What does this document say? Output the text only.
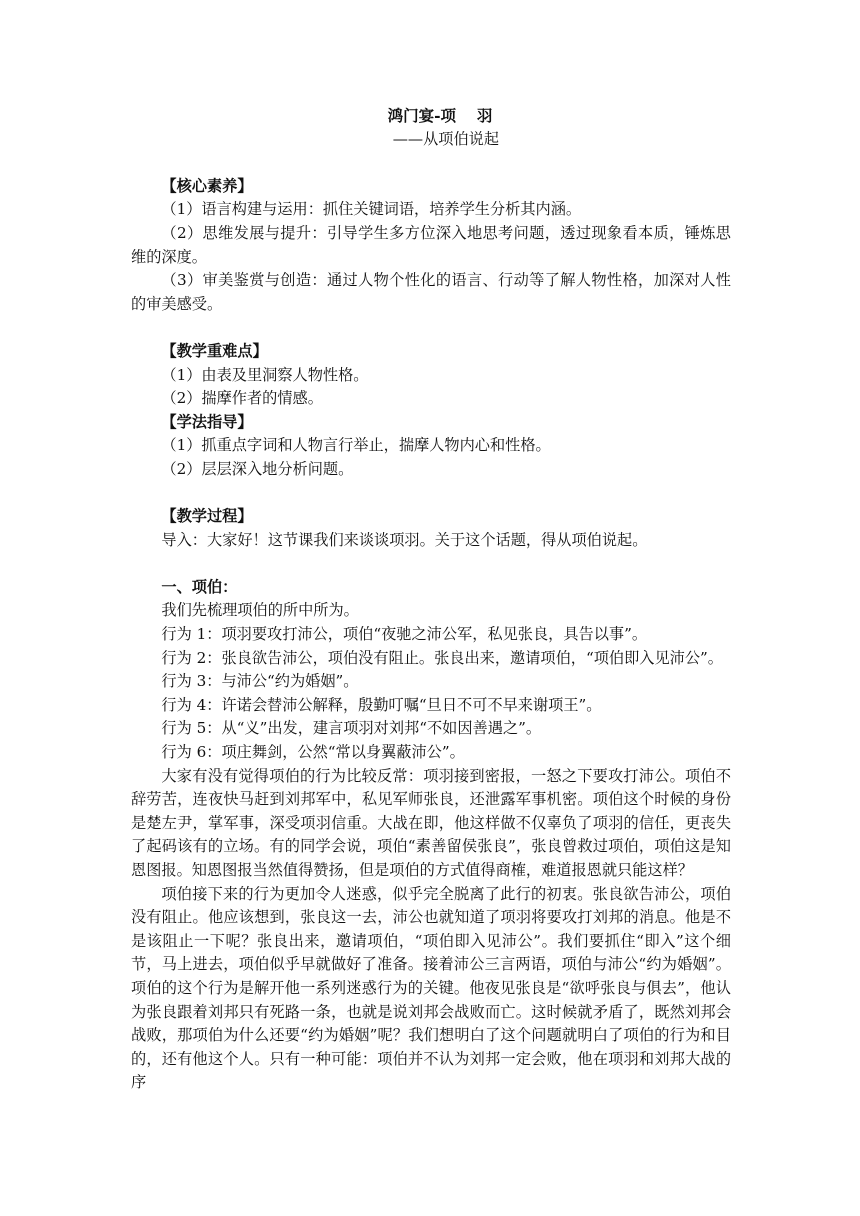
鸿门宴-项　 羽
——从项伯说起
【核心素养】
（1）语言构建与运用：抓住关键词语，培养学生分析其内涵。
（2）思维发展与提升：引导学生多方位深入地思考问题，透过现象看本质，锤炼思维的深度。
（3）审美鉴赏与创造：通过人物个性化的语言、行动等了解人物性格，加深对人性的审美感受。
【教学重难点】
（1）由表及里洞察人物性格。
（2）揣摩作者的情感。
【学法指导】
（1）抓重点字词和人物言行举止，揣摩人物内心和性格。
（2）层层深入地分析问题。
【教学过程】
导入：大家好！这节课我们来谈谈项羽。关于这个话题，得从项伯说起。
一、项伯：
我们先梳理项伯的所中所为。
行为 1：项羽要攻打沛公，项伯“夜驰之沛公军，私见张良，具告以事”。
行为 2：张良欲告沛公，项伯没有阻止。张良出来，邀请项伯，“项伯即入见沛公”。
行为 3：与沛公“约为婚姻”。
行为 4：许诺会替沛公解释，殷勤叮嘱“旦日不可不早来谢项王”。
行为 5：从“义”出发，建言项羽对刘邦“不如因善遇之”。
行为 6：项庄舞剑，公然“常以身翼蔽沛公”。
大家有没有觉得项伯的行为比较反常：项羽接到密报，一怒之下要攻打沛公。项伯不辞劳苦，连夜快马赶到刘邦军中，私见军师张良，还泄露军事机密。项伯这个时候的身份是楚左尹，掌军事，深受项羽信重。大战在即，他这样做不仅辜负了项羽的信任，更丧失了起码该有的立场。有的同学会说，项伯“素善留侯张良”，张良曾救过项伯，项伯这是知恩图报。知恩图报当然值得赞扬，但是项伯的方式值得商榷，难道报恩就只能这样？
项伯接下来的行为更加令人迷惑，似乎完全脱离了此行的初衷。张良欲告沛公，项伯没有阻止。他应该想到，张良这一去，沛公也就知道了项羽将要攻打刘邦的消息。他是不是该阻止一下呢？张良出来，邀请项伯，“项伯即入见沛公”。我们要抓住“即入”这个细节，马上进去，项伯似乎早就做好了准备。接着沛公三言两语，项伯与沛公“约为婚姻”。项伯的这个行为是解开他一系列迷惑行为的关键。他夜见张良是“欲呼张良与俱去”，他认为张良跟着刘邦只有死路一条，也就是说刘邦会战败而亡。这时候就矛盾了，既然刘邦会战败，那项伯为什么还要“约为婚姻”呢？我们想明白了这个问题就明白了项伯的行为和目的，还有他这个人。只有一种可能：项伯并不认为刘邦一定会败，他在项羽和刘邦大战的序
